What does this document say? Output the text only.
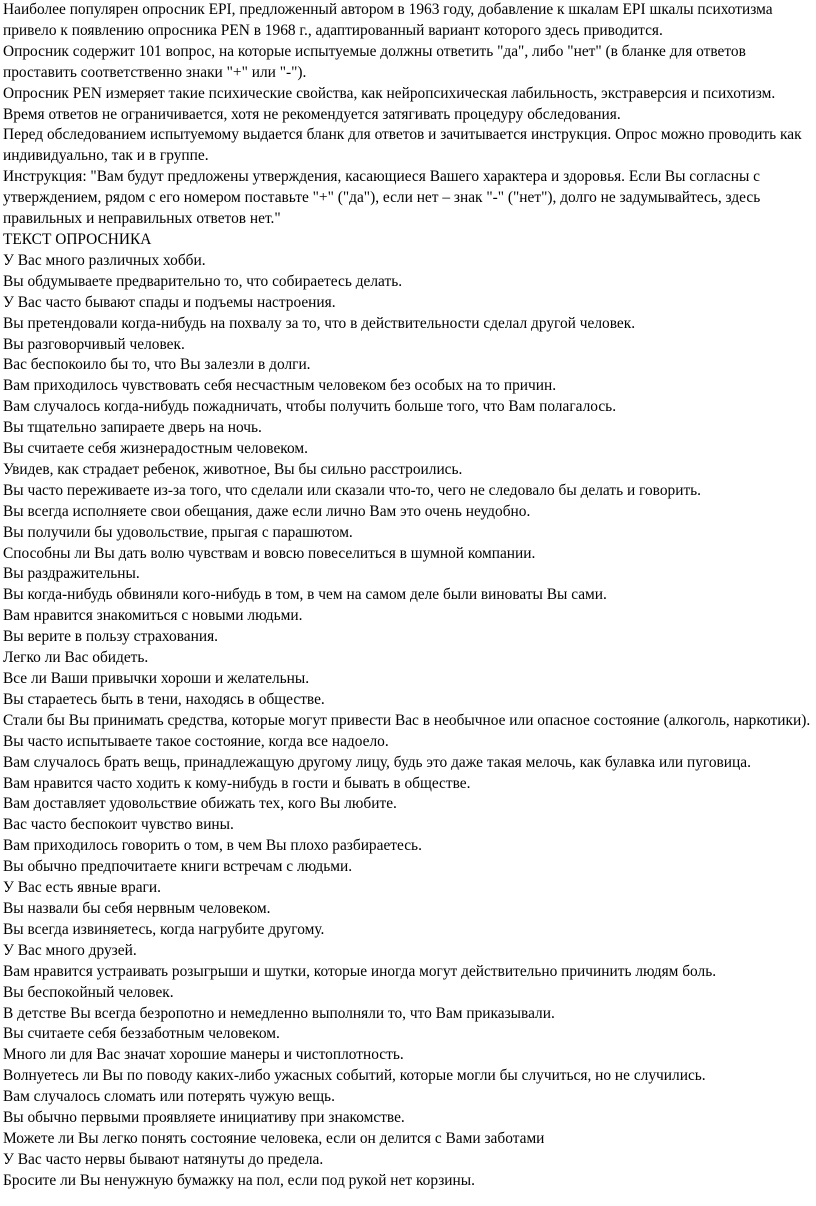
Наиболее популярен опросник EPI, предложенный автором в 1963 году, добавление к шкалам EPI шкалы психотизма привело к появлению опросника PEN в 1968 г., адаптированный вариант которого здесь приводится.

Опросник содержит 101 вопрос, на которые испытуемые должны ответить "да", либо "нет" (в бланке для ответов проставить соответственно знаки "+" или "-").

Опросник PEN измеряет такие психические свойства, как нейропсихическая лабильность, экстраверсия и психотизм.

Время ответов не ограничивается, хотя не рекомендуется затягивать процедуру обследования.

Перед обследованием испытуемому выдается бланк для ответов и зачитывается инструкция. Опрос можно проводить как индивидуально, так и в группе.

Инструкция: "Вам будут предложены утверждения, касающиеся Вашего характера и здоровья. Если Вы согласны с утверждением, рядом с его номером поставьте "+" ("да"), если нет – знак "-" ("нет"), долго не задумывайтесь, здесь правильных и неправильных ответов нет."

ТЕКСТ ОПРОСНИКА

У Вас много различных хобби.

Вы обдумываете предварительно то, что собираетесь делать.

У Вас часто бывают спады и подъемы настроения.

Вы претендовали когда-нибудь на похвалу за то, что в действительности сделал другой человек.

Вы разговорчивый человек.

Вас беспокоило бы то, что Вы залезли в долги.

Вам приходилось чувствовать себя несчастным человеком без особых на то причин.

Вам случалось когда-нибудь пожадничать, чтобы получить больше того, что Вам полагалось.

Вы тщательно запираете дверь на ночь.

Вы считаете себя жизнерадостным человеком.

Увидев, как страдает ребенок, животное, Вы бы сильно расстроились.

Вы часто переживаете из-за того, что сделали или сказали что-то, чего не следовало бы делать и говорить.

Вы всегда исполняете свои обещания, даже если лично Вам это очень неудобно.

Вы получили бы удовольствие, прыгая с парашютом.

Способны ли Вы дать волю чувствам и вовсю повеселиться в шумной компании.

Вы раздражительны.

Вы когда-нибудь обвиняли кого-нибудь в том, в чем на самом деле были виноваты Вы сами.

Вам нравится знакомиться с новыми людьми.

Вы верите в пользу страхования.

Легко ли Вас обидеть.

Все ли Ваши привычки хороши и желательны.

Вы стараетесь быть в тени, находясь в обществе.

Стали бы Вы принимать средства, которые могут привести Вас в необычное или опасное состояние (алкоголь, наркотики).

Вы часто испытываете такое состояние, когда все надоело.

Вам случалось брать вещь, принадлежащую другому лицу, будь это даже такая мелочь, как булавка или пуговица.

Вам нравится часто ходить к кому-нибудь в гости и бывать в обществе.

Вам доставляет удовольствие обижать тех, кого Вы любите.

Вас часто беспокоит чувство вины.

Вам приходилось говорить о том, в чем Вы плохо разбираетесь.

Вы обычно предпочитаете книги встречам с людьми.

У Вас есть явные враги.

Вы назвали бы себя нервным человеком.

Вы всегда извиняетесь, когда нагрубите другому.

У Вас много друзей.

Вам нравится устраивать розыгрыши и шутки, которые иногда могут действительно причинить людям боль.

Вы беспокойный человек.

В детстве Вы всегда безропотно и немедленно выполняли то, что Вам приказывали.

Вы считаете себя беззаботным человеком.

Много ли для Вас значат хорошие манеры и чистоплотность.

Волнуетесь ли Вы по поводу каких-либо ужасных событий, которые могли бы случиться, но не случились.

Вам случалось сломать или потерять чужую вещь.

Вы обычно первыми проявляете инициативу при знакомстве.

Можете ли Вы легко понять состояние человека, если он делится с Вами заботами

У Вас часто нервы бывают натянуты до предела.

Бросите ли Вы ненужную бумажку на пол, если под рукой нет корзины.
